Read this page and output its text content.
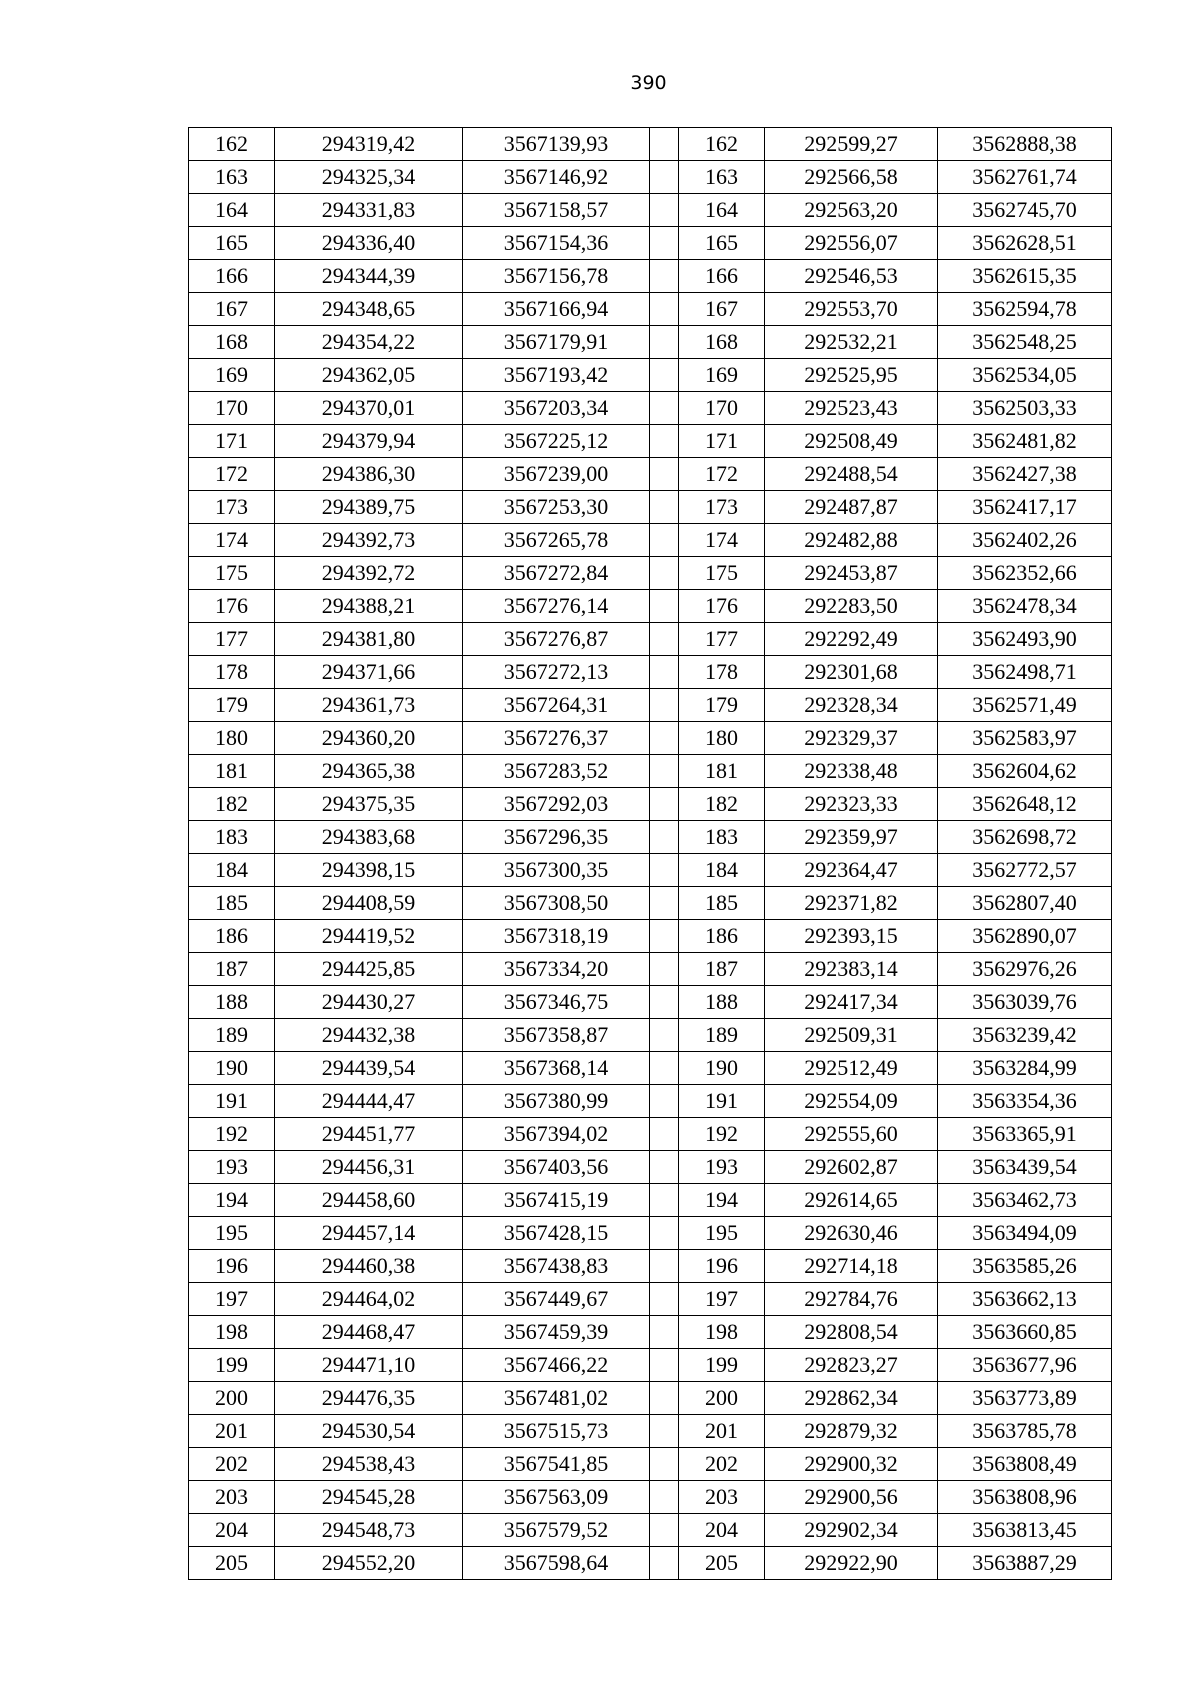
390
162	294319,42	3567139,93		162	292599,27	3562888,38
163	294325,34	3567146,92		163	292566,58	3562761,74
164	294331,83	3567158,57		164	292563,20	3562745,70
165	294336,40	3567154,36		165	292556,07	3562628,51
166	294344,39	3567156,78		166	292546,53	3562615,35
167	294348,65	3567166,94		167	292553,70	3562594,78
168	294354,22	3567179,91		168	292532,21	3562548,25
169	294362,05	3567193,42		169	292525,95	3562534,05
170	294370,01	3567203,34		170	292523,43	3562503,33
171	294379,94	3567225,12		171	292508,49	3562481,82
172	294386,30	3567239,00		172	292488,54	3562427,38
173	294389,75	3567253,30		173	292487,87	3562417,17
174	294392,73	3567265,78		174	292482,88	3562402,26
175	294392,72	3567272,84		175	292453,87	3562352,66
176	294388,21	3567276,14		176	292283,50	3562478,34
177	294381,80	3567276,87		177	292292,49	3562493,90
178	294371,66	3567272,13		178	292301,68	3562498,71
179	294361,73	3567264,31		179	292328,34	3562571,49
180	294360,20	3567276,37		180	292329,37	3562583,97
181	294365,38	3567283,52		181	292338,48	3562604,62
182	294375,35	3567292,03		182	292323,33	3562648,12
183	294383,68	3567296,35		183	292359,97	3562698,72
184	294398,15	3567300,35		184	292364,47	3562772,57
185	294408,59	3567308,50		185	292371,82	3562807,40
186	294419,52	3567318,19		186	292393,15	3562890,07
187	294425,85	3567334,20		187	292383,14	3562976,26
188	294430,27	3567346,75		188	292417,34	3563039,76
189	294432,38	3567358,87		189	292509,31	3563239,42
190	294439,54	3567368,14		190	292512,49	3563284,99
191	294444,47	3567380,99		191	292554,09	3563354,36
192	294451,77	3567394,02		192	292555,60	3563365,91
193	294456,31	3567403,56		193	292602,87	3563439,54
194	294458,60	3567415,19		194	292614,65	3563462,73
195	294457,14	3567428,15		195	292630,46	3563494,09
196	294460,38	3567438,83		196	292714,18	3563585,26
197	294464,02	3567449,67		197	292784,76	3563662,13
198	294468,47	3567459,39		198	292808,54	3563660,85
199	294471,10	3567466,22		199	292823,27	3563677,96
200	294476,35	3567481,02		200	292862,34	3563773,89
201	294530,54	3567515,73		201	292879,32	3563785,78
202	294538,43	3567541,85		202	292900,32	3563808,49
203	294545,28	3567563,09		203	292900,56	3563808,96
204	294548,73	3567579,52		204	292902,34	3563813,45
205	294552,20	3567598,64		205	292922,90	3563887,29
